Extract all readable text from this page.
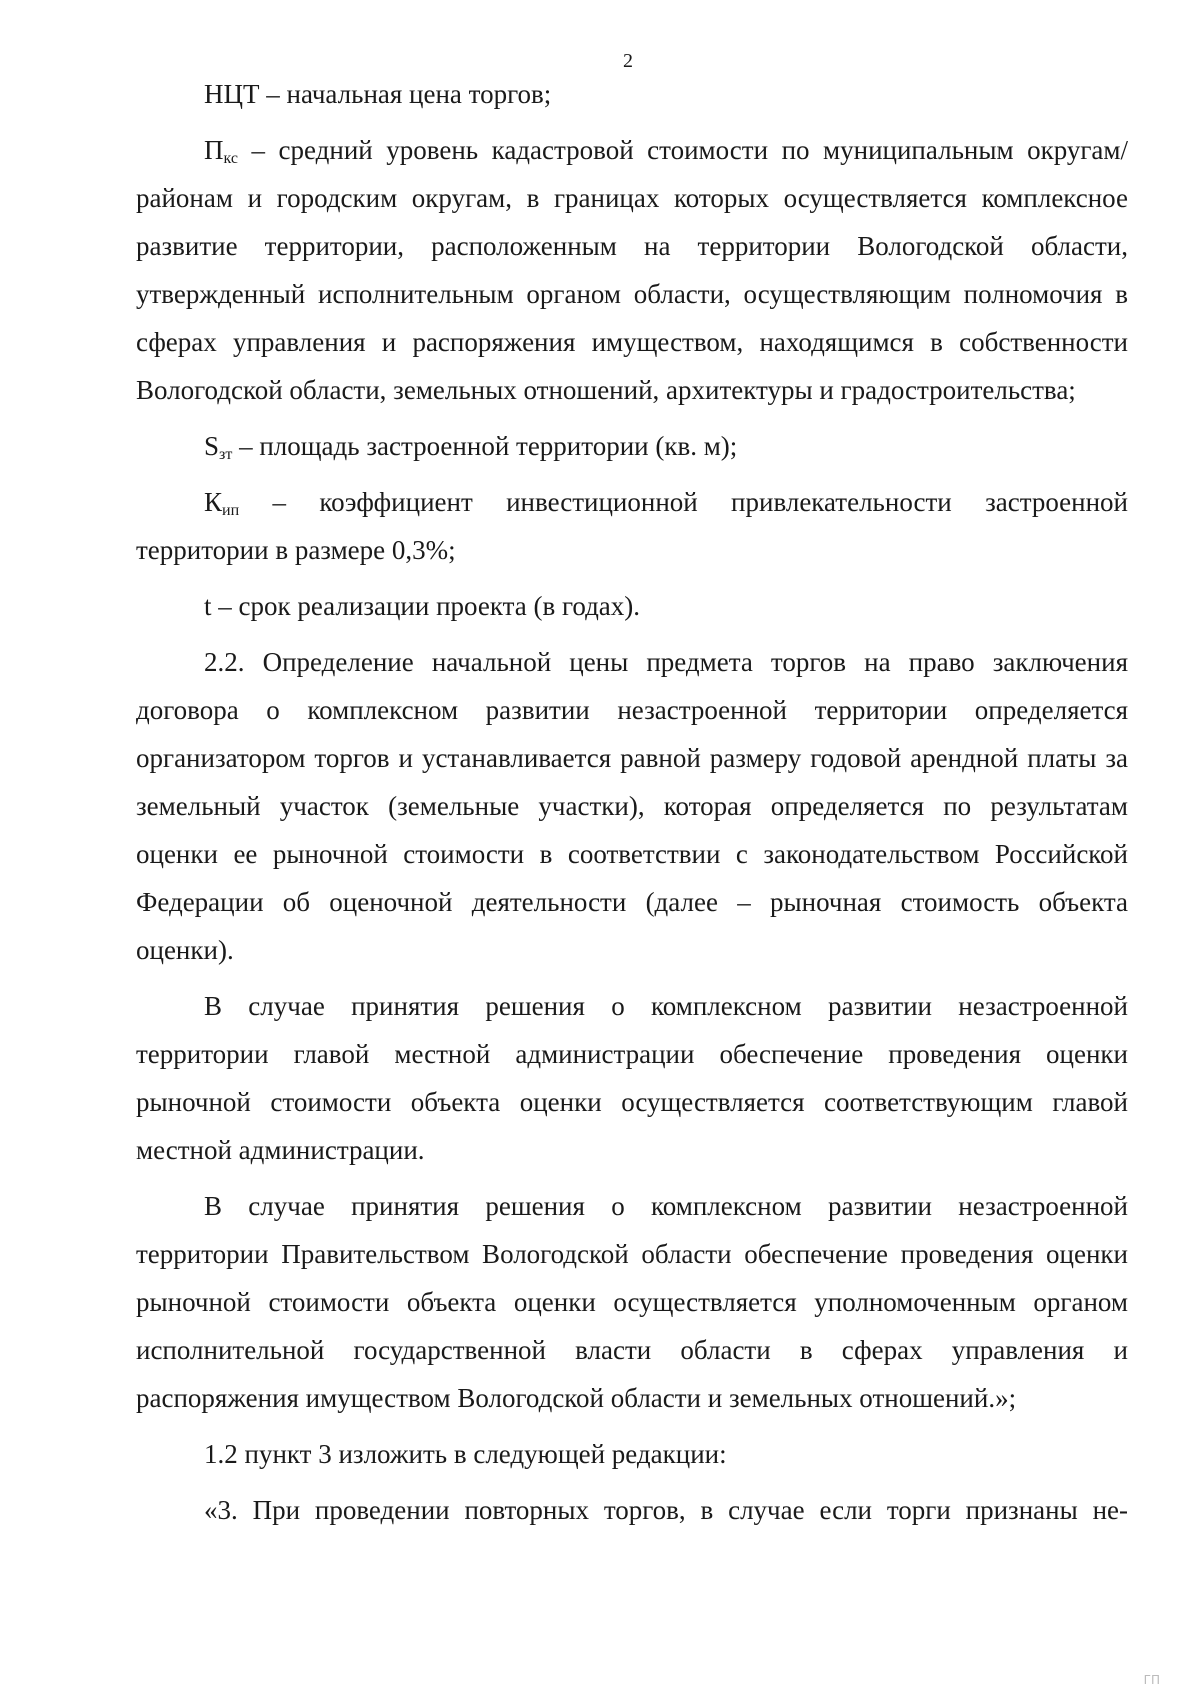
2

НЦТ – начальная цена торгов;

$П_{кс}$ – средний уровень кадастровой стоимости по муниципальным округам/районам и городским округам, в границах которых осуществляется комплексное развитие территории, расположенным на территории Вологодской области, утвержденный исполнительным органом области, осуществляющим полномочия в сферах управления и распоряжения имуществом, находящимся в собственности Вологодской области, земельных отношений, архитектуры и градостроительства;

$S_{зт}$ – площадь застроенной территории (кв. м);

$К_{ип}$ – коэффициент инвестиционной привлекательности застроенной территории в размере 0,3%;

t – срок реализации проекта (в годах).

2.2. Определение начальной цены предмета торгов на право заключения договора о комплексном развитии незастроенной территории определяется организатором торгов и устанавливается равной размеру годовой арендной платы за земельный участок (земельные участки), которая определяется по результатам оценки ее рыночной стоимости в соответствии с законодательством Российской Федерации об оценочной деятельности (далее – рыночная стоимость объекта оценки).

В случае принятия решения о комплексном развитии незастроенной территории главой местной администрации обеспечение проведения оценки рыночной стоимости объекта оценки осуществляется соответствующим главой местной администрации.

В случае принятия решения о комплексном развитии незастроенной территории Правительством Вологодской области обеспечение проведения оценки рыночной стоимости объекта оценки осуществляется уполномоченным органом исполнительной государственной власти области в сферах управления и распоряжения имуществом Вологодской области и земельных отношений.»;

1.2 пункт 3 изложить в следующей редакции:

«3. При проведении повторных торгов, в случае если торги признаны не-

ГП
